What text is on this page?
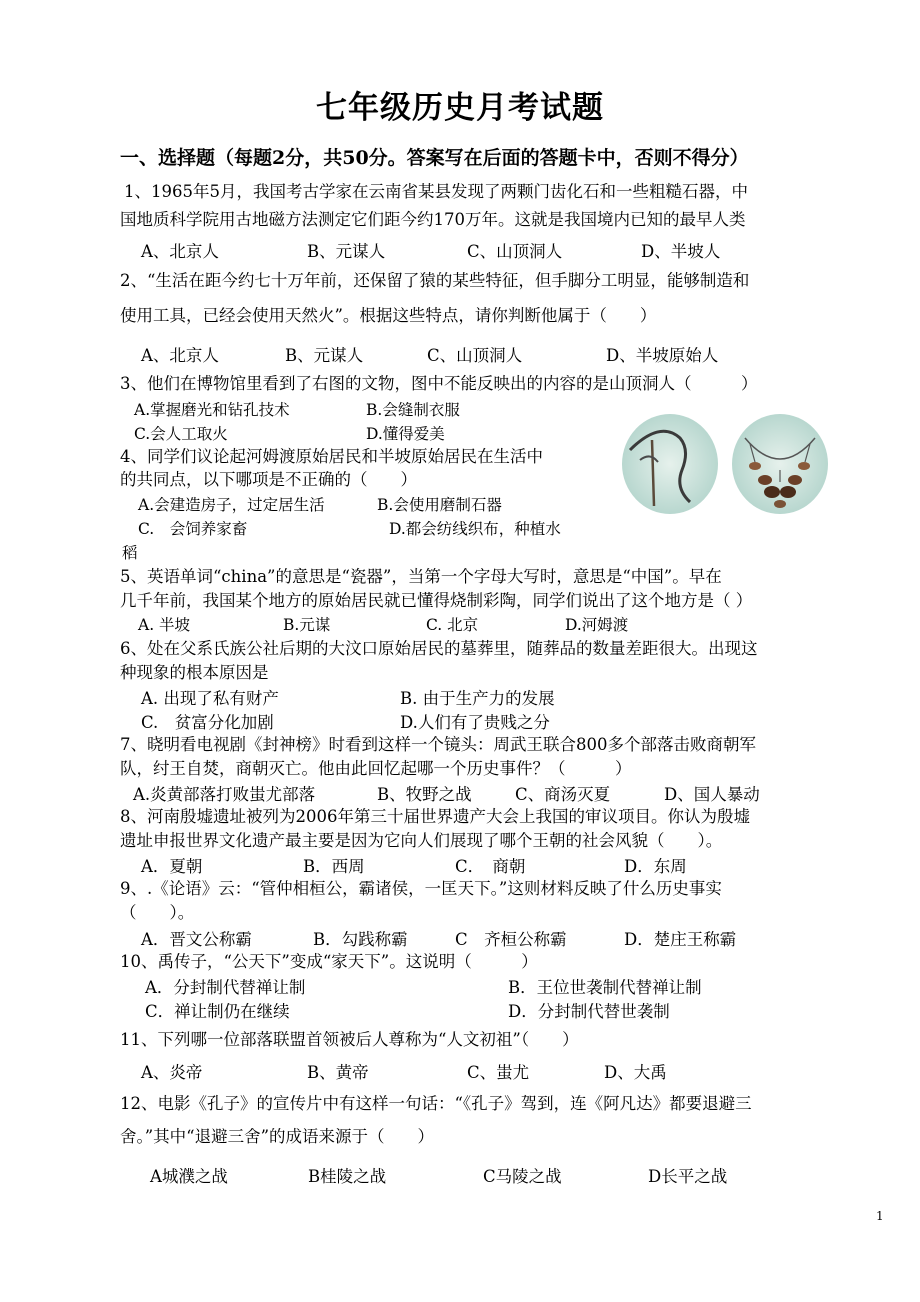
七年级历史月考试题
一、选择题（每题2分，共50分。答案写在后面的答题卡中，否则不得分）
1、1965年5月，我国考古学家在云南省某县发现了两颗门齿化石和一些粗糙石器，中
国地质科学院用古地磁方法测定它们距今约170万年。这就是我国境内已知的最早人类
A、北京人	B、元谋人	C、山顶洞人	D、半坡人
2、“生活在距今约七十万年前，还保留了猿的某些特征，但手脚分工明显，能够制造和
使用工具，已经会使用天然火”。根据这些特点，请你判断他属于（　　）
A、北京人	B、元谋人	C、山顶洞人	D、半坡原始人
3、他们在博物馆里看到了右图的文物，图中不能反映出的内容的是山顶洞人（　　　）
A.掌握磨光和钻孔技术	B.会缝制衣服
C.会人工取火	D.懂得爱美
4、同学们议论起河姆渡原始居民和半坡原始居民在生活中
的共同点，以下哪项是不正确的（　　）
A.会建造房子，过定居生活	B.会使用磨制石器
C.　会饲养家畜	D.都会纺线织布，种植水
稻
5、英语单词“china”的意思是“瓷器”，当第一个字母大写时，意思是“中国”。早在
几千年前，我国某个地方的原始居民就已懂得烧制彩陶，同学们说出了这个地方是（ ）
A. 半坡	B.元谋	C. 北京	D.河姆渡
6、处在父系氏族公社后期的大汶口原始居民的墓葬里，随葬品的数量差距很大。出现这
种现象的根本原因是
A. 出现了私有财产	B. 由于生产力的发展
C.　贫富分化加剧	D.人们有了贵贱之分
7、晓明看电视剧《封神榜》时看到这样一个镜头：周武王联合800多个部落击败商朝军
队，纣王自焚，商朝灭亡。他由此回忆起哪一个历史事件？（　　　）
A.炎黄部落打败蚩尤部落	B、牧野之战	C、商汤灭夏	D、国人暴动
8、河南殷墟遗址被列为2006年第三十届世界遗产大会上我国的审议项目。你认为殷墟
遗址申报世界文化遗产最主要是因为它向人们展现了哪个王朝的社会风貌（　　）。
A．夏朝	B．西周	C．　商朝	D．东周
9、.《论语》云：“管仲相桓公，霸诸侯，一匡天下。”这则材料反映了什么历史事实
（　　）。
A．晋文公称霸	B．勾践称霸	C　齐桓公称霸	D．楚庄王称霸
10、禹传子，“公天下”变成“家天下”。这说明（　　　）
A．分封制代替禅让制	B．王位世袭制代替禅让制
C．禅让制仍在继续	D．分封制代替世袭制
11、下列哪一位部落联盟首领被后人尊称为“人文初祖”（　　）
A、炎帝	B、黄帝	C、蚩尤	D、大禹
12、电影《孔子》的宣传片中有这样一句话：“《孔子》驾到，连《阿凡达》都要退避三
舍。”其中“退避三舍”的成语来源于（　　）
A城濮之战	B桂陵之战	C马陵之战	D长平之战
1
